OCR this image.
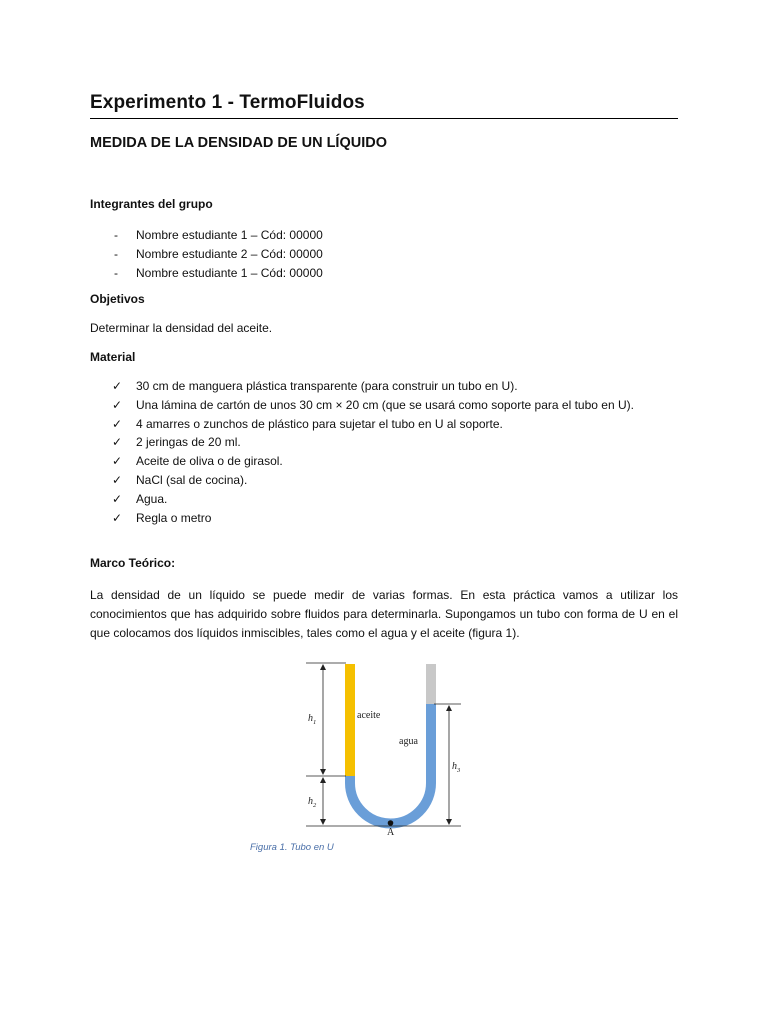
Experimento 1 - TermoFluidos
MEDIDA DE LA DENSIDAD DE UN LÍQUIDO
Integrantes del grupo
- Nombre estudiante 1 – Cód: 00000
- Nombre estudiante 2 – Cód: 00000
- Nombre estudiante 1 – Cód: 00000
Objetivos
Determinar la densidad del aceite.
Material
✓ 30 cm de manguera plástica transparente (para construir un tubo en U).
✓ Una lámina de cartón de unos 30 cm × 20 cm (que se usará como soporte para el tubo en U).
✓ 4 amarres o zunchos de plástico para sujetar el tubo en U al soporte.
✓ 2 jeringas de 20 ml.
✓ Aceite de oliva o de girasol.
✓ NaCl (sal de cocina).
✓ Agua.
✓ Regla o metro
Marco Teórico:
La densidad de un líquido se puede medir de varias formas. En esta práctica vamos a utilizar los conocimientos que has adquirido sobre fluidos para determinarla. Supongamos un tubo con forma de U en el que colocamos dos líquidos inmiscibles, tales como el agua y el aceite (figura 1).
$h_1$
$h_2$
$h_3$
A
aceite
agua
Figura 1. Tubo en U
